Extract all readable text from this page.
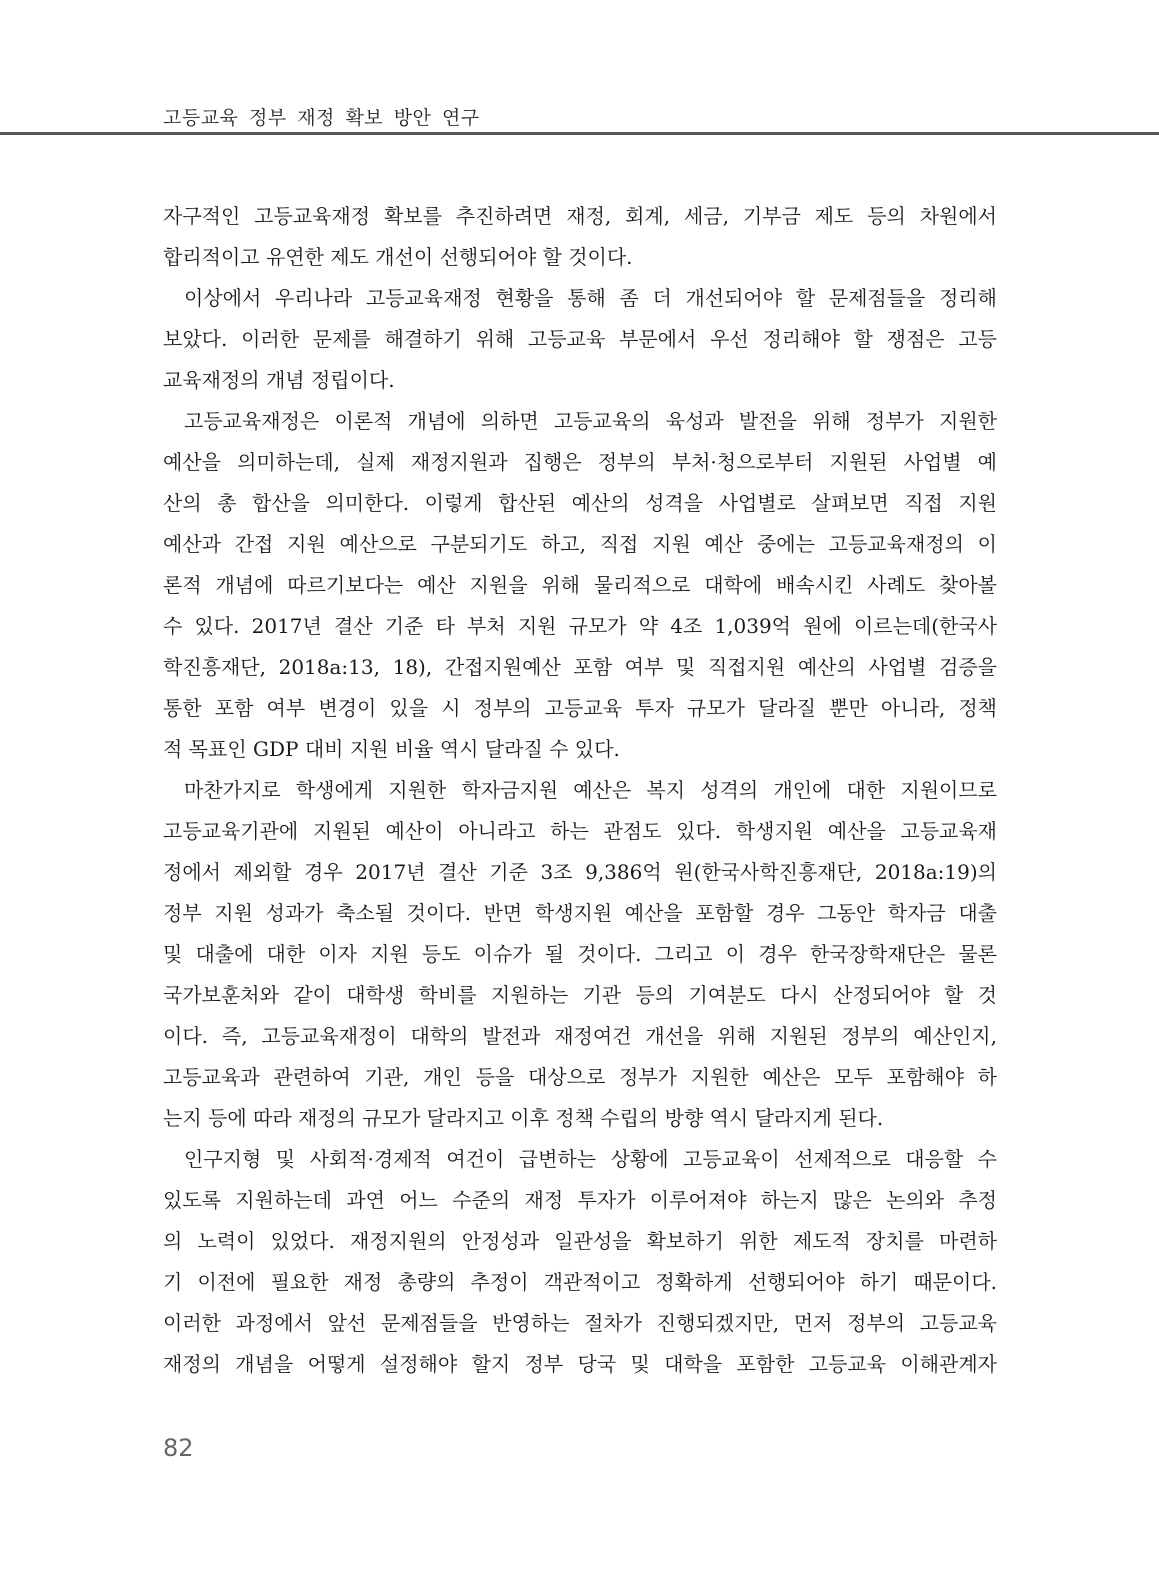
고등교육 정부 재정 확보 방안 연구
자구적인 고등교육재정 확보를 추진하려면 재정, 회계, 세금, 기부금 제도 등의 차원에서
합리적이고 유연한 제도 개선이 선행되어야 할 것이다.
이상에서 우리나라 고등교육재정 현황을 통해 좀 더 개선되어야 할 문제점들을 정리해
보았다. 이러한 문제를 해결하기 위해 고등교육 부문에서 우선 정리해야 할 쟁점은 고등
교육재정의 개념 정립이다.
고등교육재정은 이론적 개념에 의하면 고등교육의 육성과 발전을 위해 정부가 지원한
예산을 의미하는데, 실제 재정지원과 집행은 정부의 부처·청으로부터 지원된 사업별 예
산의 총 합산을 의미한다. 이렇게 합산된 예산의 성격을 사업별로 살펴보면 직접 지원
예산과 간접 지원 예산으로 구분되기도 하고, 직접 지원 예산 중에는 고등교육재정의 이
론적 개념에 따르기보다는 예산 지원을 위해 물리적으로 대학에 배속시킨 사례도 찾아볼
수 있다. 2017년 결산 기준 타 부처 지원 규모가 약 4조 1,039억 원에 이르는데(한국사
학진흥재단, 2018a:13, 18), 간접지원예산 포함 여부 및 직접지원 예산의 사업별 검증을
통한 포함 여부 변경이 있을 시 정부의 고등교육 투자 규모가 달라질 뿐만 아니라, 정책
적 목표인 GDP 대비 지원 비율 역시 달라질 수 있다.
마찬가지로 학생에게 지원한 학자금지원 예산은 복지 성격의 개인에 대한 지원이므로
고등교육기관에 지원된 예산이 아니라고 하는 관점도 있다. 학생지원 예산을 고등교육재
정에서 제외할 경우 2017년 결산 기준 3조 9,386억 원(한국사학진흥재단, 2018a:19)의
정부 지원 성과가 축소될 것이다. 반면 학생지원 예산을 포함할 경우 그동안 학자금 대출
및 대출에 대한 이자 지원 등도 이슈가 될 것이다. 그리고 이 경우 한국장학재단은 물론
국가보훈처와 같이 대학생 학비를 지원하는 기관 등의 기여분도 다시 산정되어야 할 것
이다. 즉, 고등교육재정이 대학의 발전과 재정여건 개선을 위해 지원된 정부의 예산인지,
고등교육과 관련하여 기관, 개인 등을 대상으로 정부가 지원한 예산은 모두 포함해야 하
는지 등에 따라 재정의 규모가 달라지고 이후 정책 수립의 방향 역시 달라지게 된다.
인구지형 및 사회적·경제적 여건이 급변하는 상황에 고등교육이 선제적으로 대응할 수
있도록 지원하는데 과연 어느 수준의 재정 투자가 이루어져야 하는지 많은 논의와 추정
의 노력이 있었다. 재정지원의 안정성과 일관성을 확보하기 위한 제도적 장치를 마련하
기 이전에 필요한 재정 총량의 추정이 객관적이고 정확하게 선행되어야 하기 때문이다.
이러한 과정에서 앞선 문제점들을 반영하는 절차가 진행되겠지만, 먼저 정부의 고등교육
재정의 개념을 어떻게 설정해야 할지 정부 당국 및 대학을 포함한 고등교육 이해관계자
82
